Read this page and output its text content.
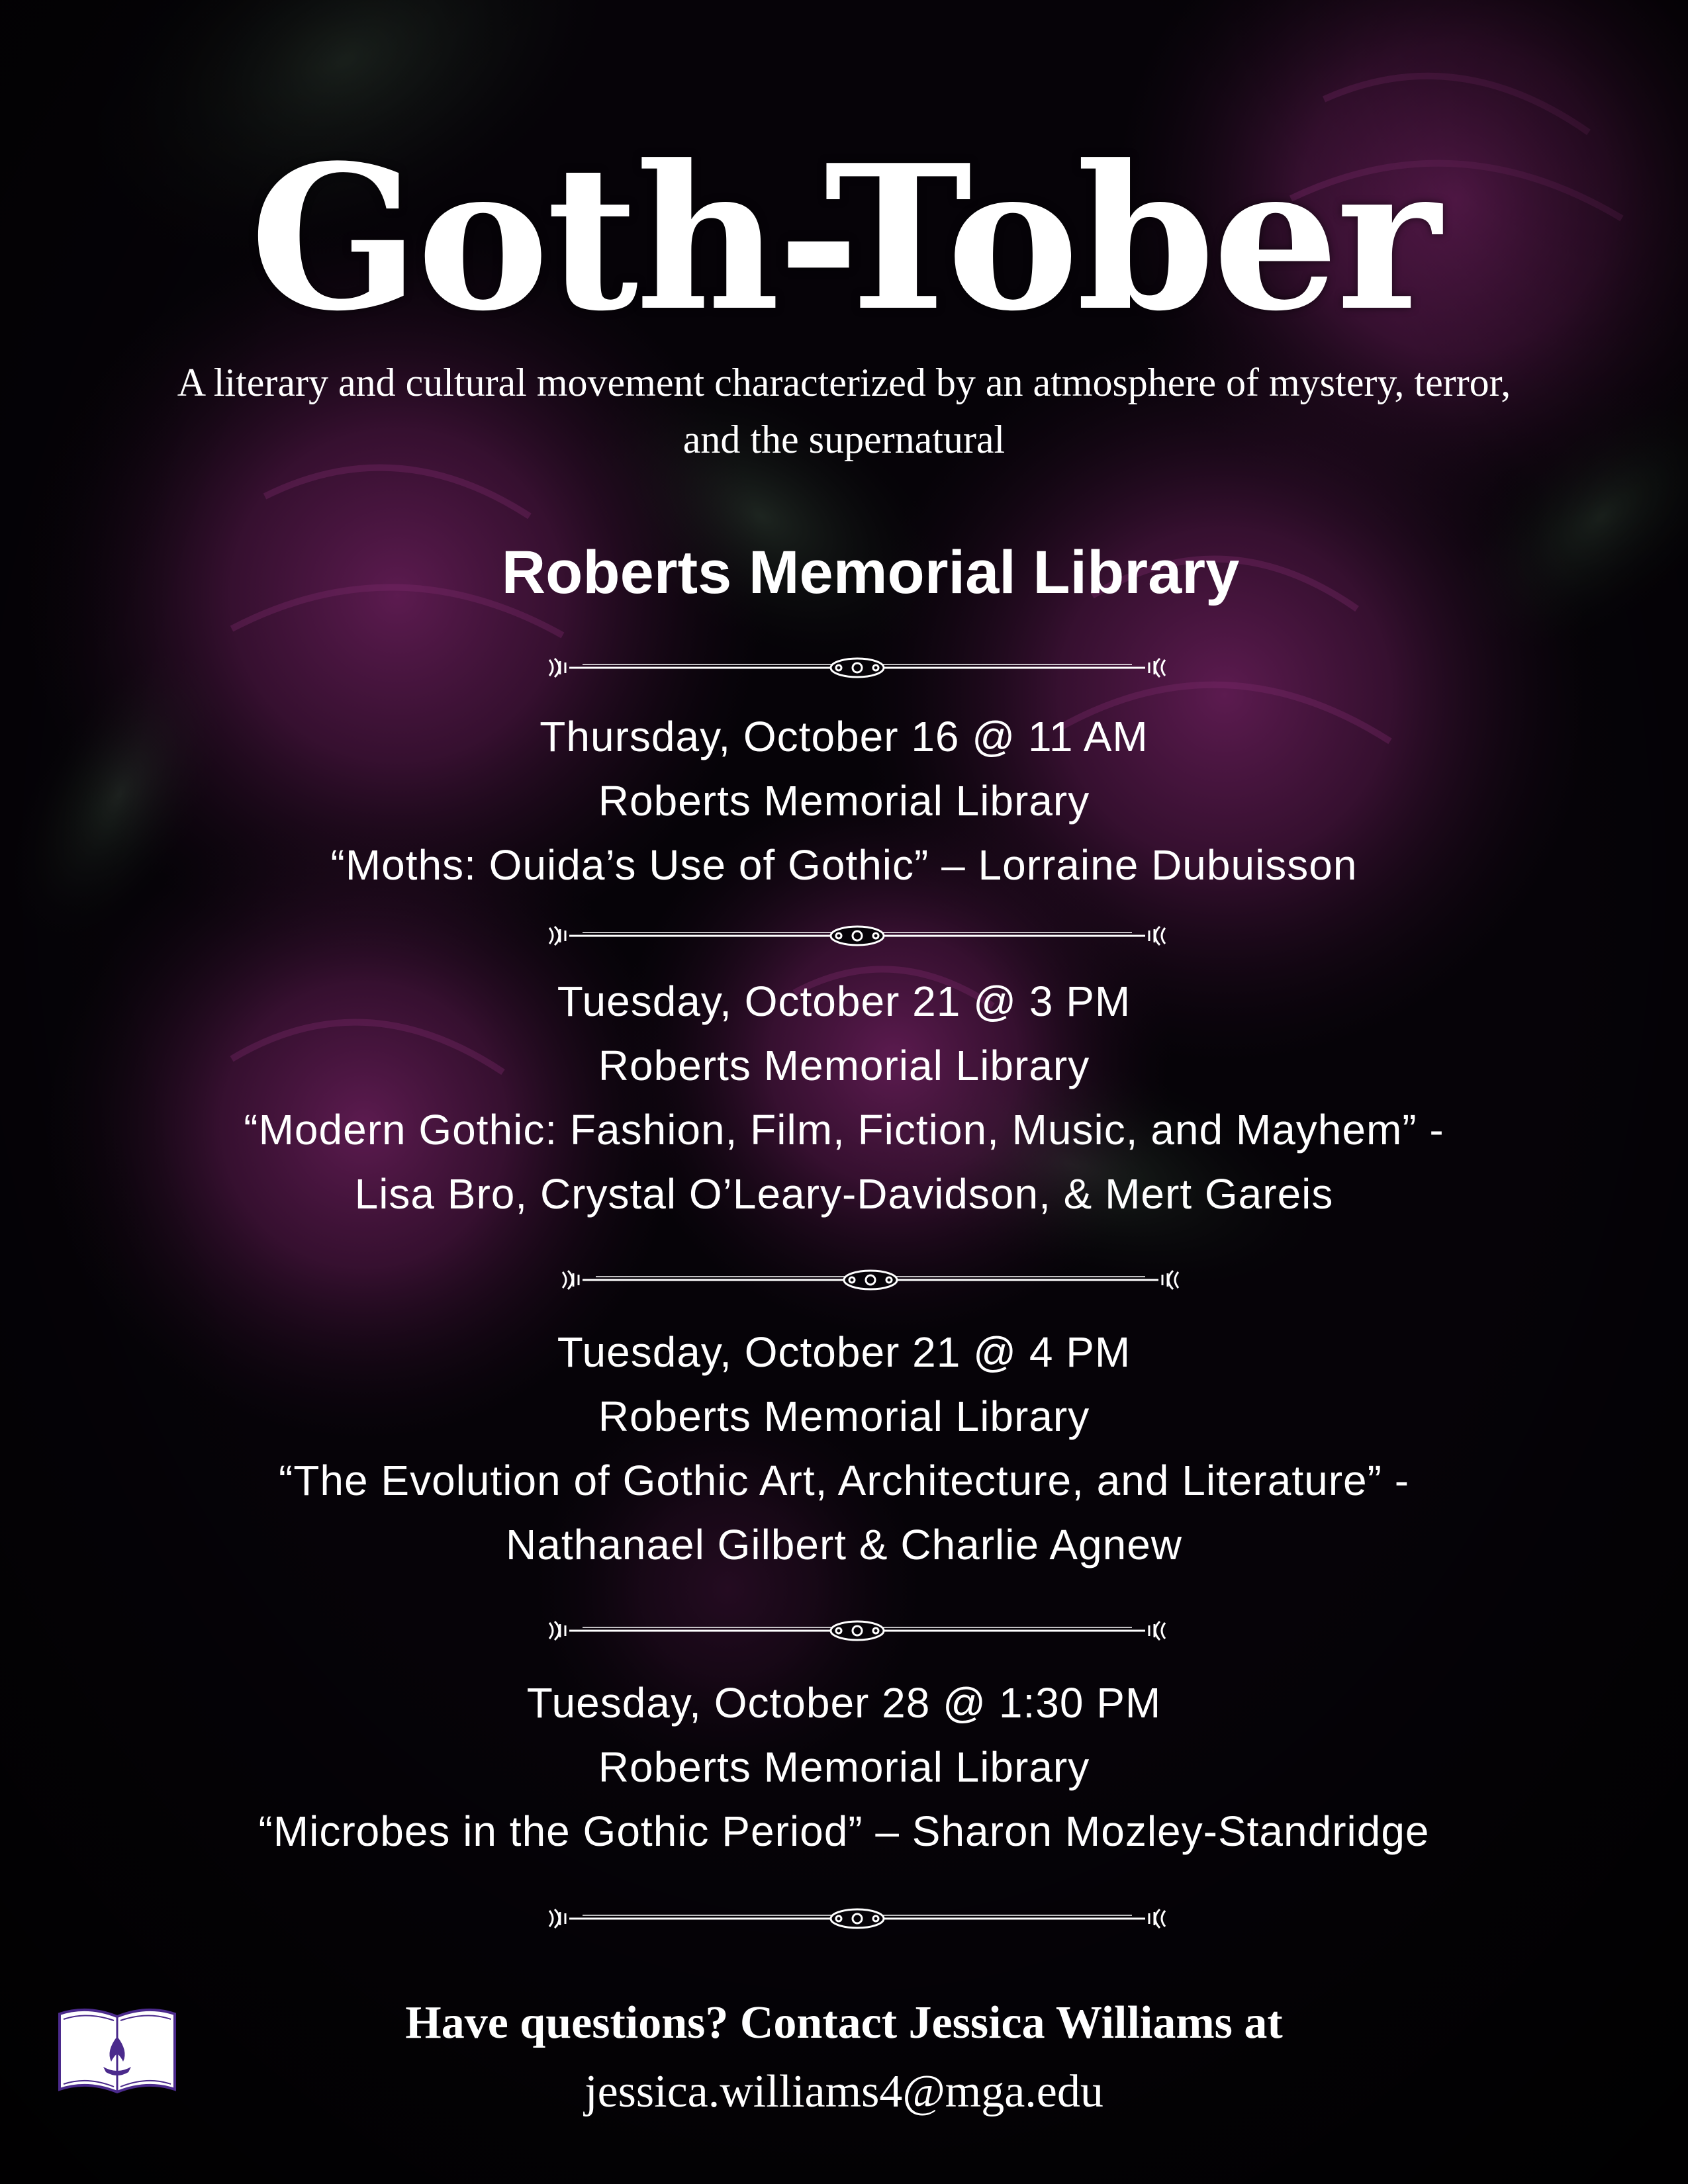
Goth-Tober
A literary and cultural movement characterized by an atmosphere of mystery, terror, and the supernatural
Roberts Memorial Library
Thursday, October 16 @ 11 AM
Roberts Memorial Library
“Moths: Ouida’s Use of Gothic” – Lorraine Dubuisson
Tuesday, October 21 @ 3 PM
Roberts Memorial Library
“Modern Gothic: Fashion, Film, Fiction, Music, and Mayhem” -
Lisa Bro, Crystal O’Leary-Davidson, & Mert Gareis
Tuesday, October 21 @ 4 PM
Roberts Memorial Library
“The Evolution of Gothic Art, Architecture, and Literature” -
Nathanael Gilbert & Charlie Agnew
Tuesday, October 28 @ 1:30 PM
Roberts Memorial Library
“Microbes in the Gothic Period” – Sharon Mozley-Standridge
Have questions? Contact Jessica Williams at
jessica.williams4@mga.edu
